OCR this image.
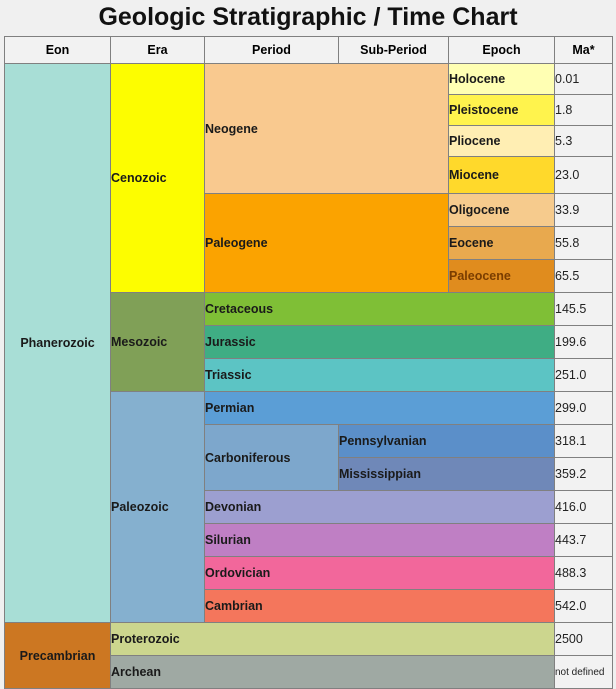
Geologic Stratigraphic / Time Chart
Eon	Era	Period	Sub-Period	Epoch	Ma*
Phanerozoic	Cenozoic	Neogene		Holocene	0.01
				Pleistocene	1.8
				Pliocene	5.3
				Miocene	23.0
		Paleogene		Oligocene	33.9
				Eocene	55.8
				Paleocene	65.5
	Mesozoic	Cretaceous			145.5
		Jurassic			199.6
		Triassic			251.0
	Paleozoic	Permian			299.0
		Carboniferous	Pennsylvanian		318.1
			Mississippian		359.2
		Devonian			416.0
		Silurian			443.7
		Ordovician			488.3
		Cambrian			542.0
Precambrian	Proterozoic				2500
	Archean				not defined
